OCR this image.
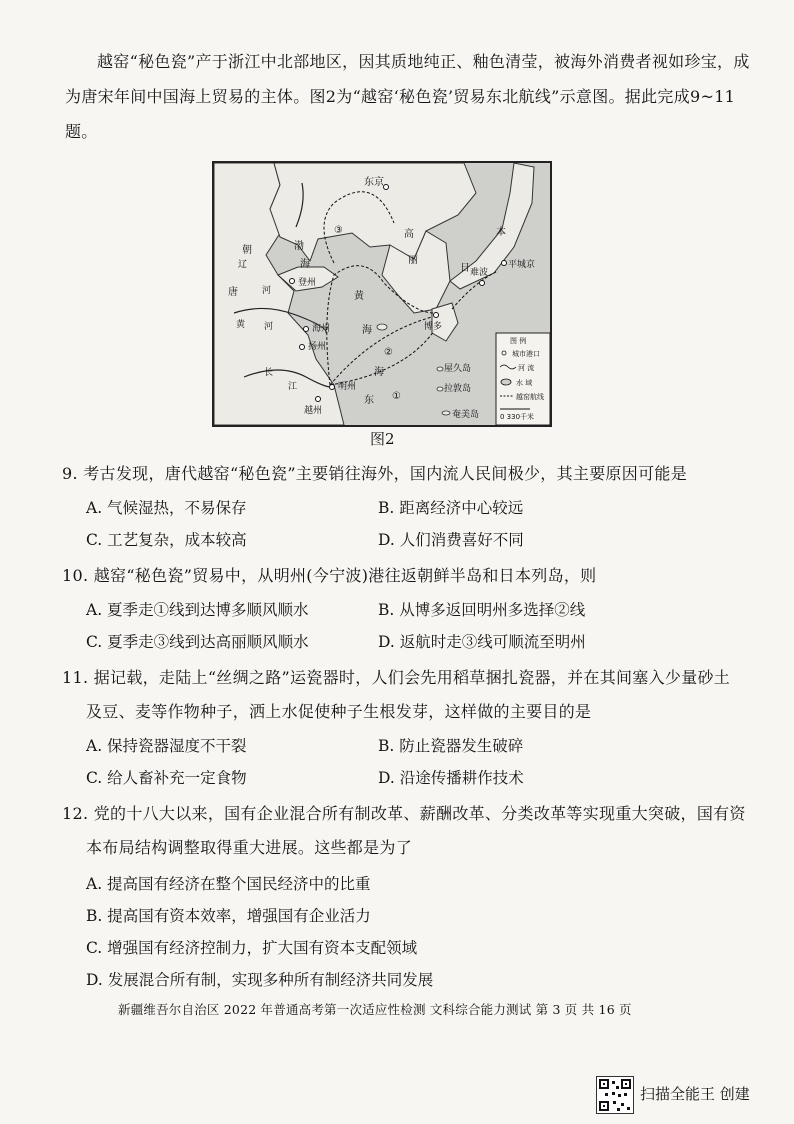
越窑“秘色瓷”产于浙江中北部地区，因其质地纯正、釉色清莹，被海外消费者视如珍宝，成为唐宋年间中国海上贸易的主体。图2为“越窑‘秘色瓷’贸易东北航线”示意图。据此完成9~11题。

东京
高
丽
日
本
唐
朝	渤
海
黄
海
东
海
辽
河
黄 河
长
江
登州
海州
扬州
明州
越州
博多
平城京
难波
屋久岛
拉敦岛
奄美岛
①
②
③
图 例
城市港口
河 流
水 域
越窑航线
0 330千米
图2
9. 考古发现，唐代越窑“秘色瓷”主要销往海外，国内流人民间极少，其主要原因可能是
A. 气候湿热，不易保存	B. 距离经济中心较远
C. 工艺复杂，成本较高	D. 人们消费喜好不同
10. 越窑“秘色瓷”贸易中，从明州(今宁波)港往返朝鲜半岛和日本列岛，则
A. 夏季走①线到达博多顺风顺水	B. 从博多返回明州多选择②线
C. 夏季走③线到达高丽顺风顺水	D. 返航时走③线可顺流至明州
11. 据记载，走陆上“丝绸之路”运瓷器时，人们会先用稻草捆扎瓷器，并在其间塞入少量砂土
及豆、麦等作物种子，洒上水促使种子生根发芽，这样做的主要目的是
A. 保持瓷器湿度不干裂	B. 防止瓷器发生破碎
C. 给人畜补充一定食物	D. 沿途传播耕作技术
12. 党的十八大以来，国有企业混合所有制改革、薪酬改革、分类改革等实现重大突破，国有资
本布局结构调整取得重大进展。这些都是为了
A. 提高国有经济在整个国民经济中的比重
B. 提高国有资本效率，增强国有企业活力
C. 增强国有经济控制力，扩大国有资本支配领域
D. 发展混合所有制，实现多种所有制经济共同发展
新疆维吾尔自治区 2022 年普通高考第一次适应性检测 文科综合能力测试 第 3 页 共 16 页
扫描全能王 创建
